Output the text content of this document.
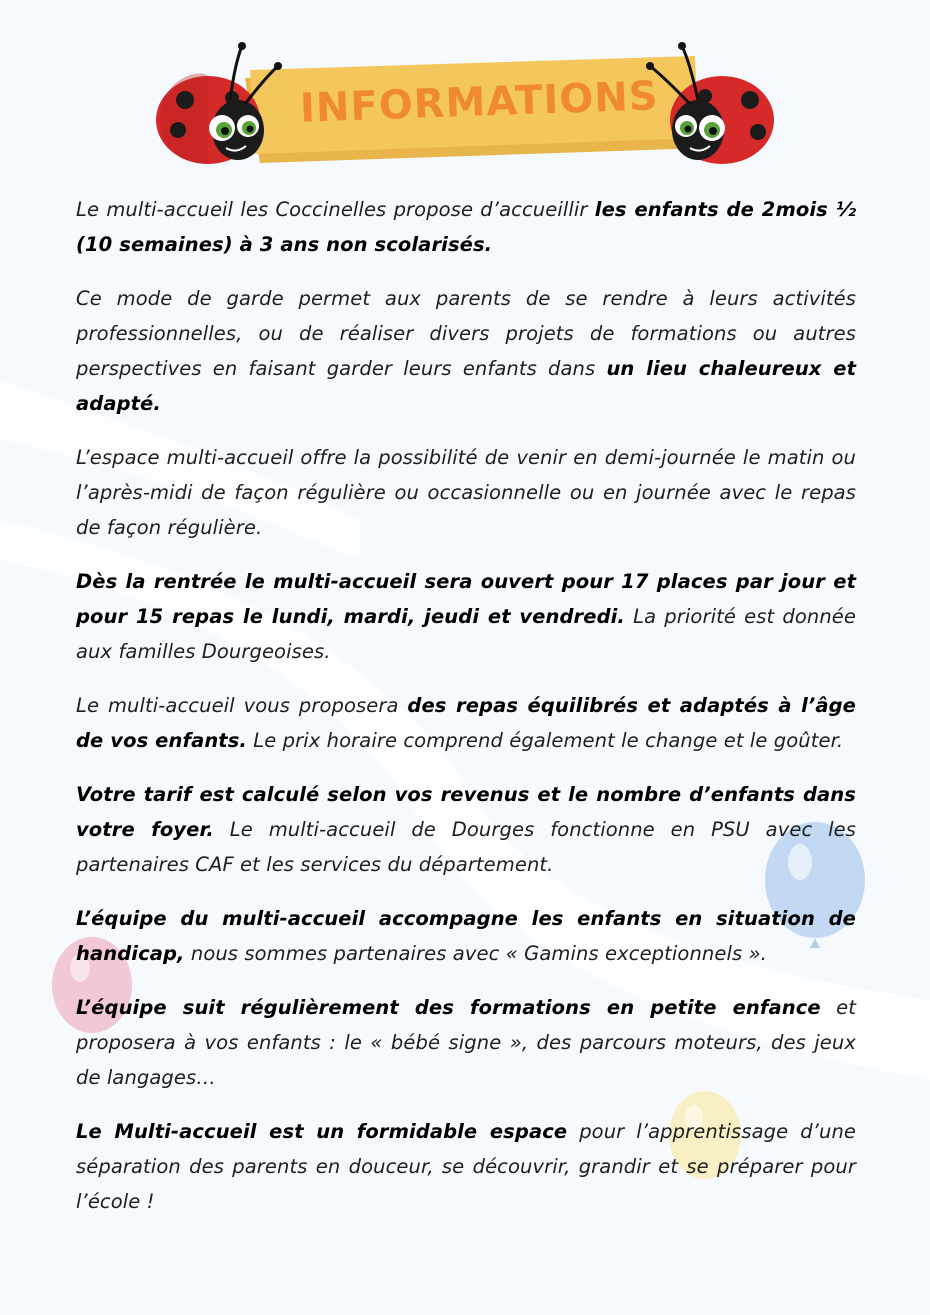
INFORMATIONS

Le multi-accueil les Coccinelles propose d’accueillir les enfants de 2mois ½ (10 semaines) à 3 ans non scolarisés.

Ce mode de garde permet aux parents de se rendre à leurs activités professionnelles, ou de réaliser divers projets de formations ou autres perspectives en faisant garder leurs enfants dans un lieu chaleureux et adapté.

L’espace multi-accueil offre la possibilité de venir en demi-journée le matin ou l’après-midi de façon régulière ou occasionnelle ou en journée avec le repas de façon régulière.

Dès la rentrée le multi-accueil sera ouvert pour 17 places par jour et pour 15 repas le lundi, mardi, jeudi et vendredi. La priorité est donnée aux familles Dourgeoises.

Le multi-accueil vous proposera des repas équilibrés et adaptés à l’âge de vos enfants. Le prix horaire comprend également le change et le goûter.

Votre tarif est calculé selon vos revenus et le nombre d’enfants dans votre foyer. Le multi-accueil de Dourges fonctionne en PSU avec les partenaires CAF et les services du département.

L’équipe du multi-accueil accompagne les enfants en situation de handicap, nous sommes partenaires avec « Gamins exceptionnels ».

L’équipe suit régulièrement des formations en petite enfance et proposera à vos enfants : le « bébé signe », des parcours moteurs, des jeux de langages…

Le Multi-accueil est un formidable espace pour l’apprentissage d’une séparation des parents en douceur, se découvrir, grandir et se préparer pour l’école !
